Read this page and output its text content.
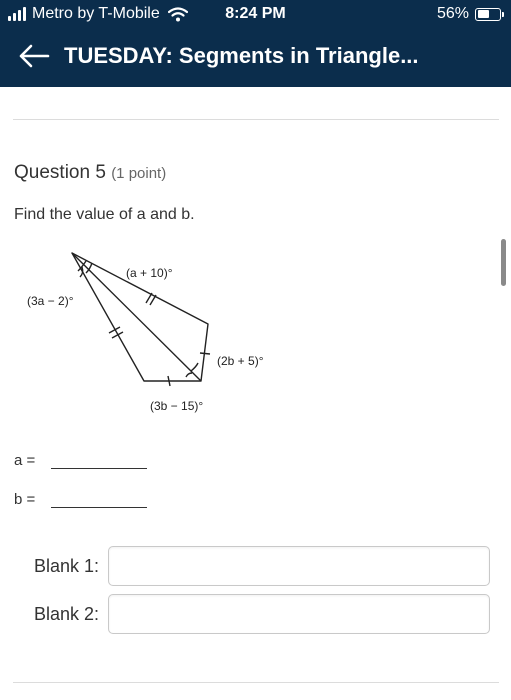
Metro by T-Mobile	8:24 PM	56%
TUESDAY: Segments in Triangle...
Question 5 (1 point)
Find the value of a and b.
(a + 10)°
(3a − 2)°
(2b + 5)°
(3b − 15)°
a =
b =
Blank 1:
Blank 2:
